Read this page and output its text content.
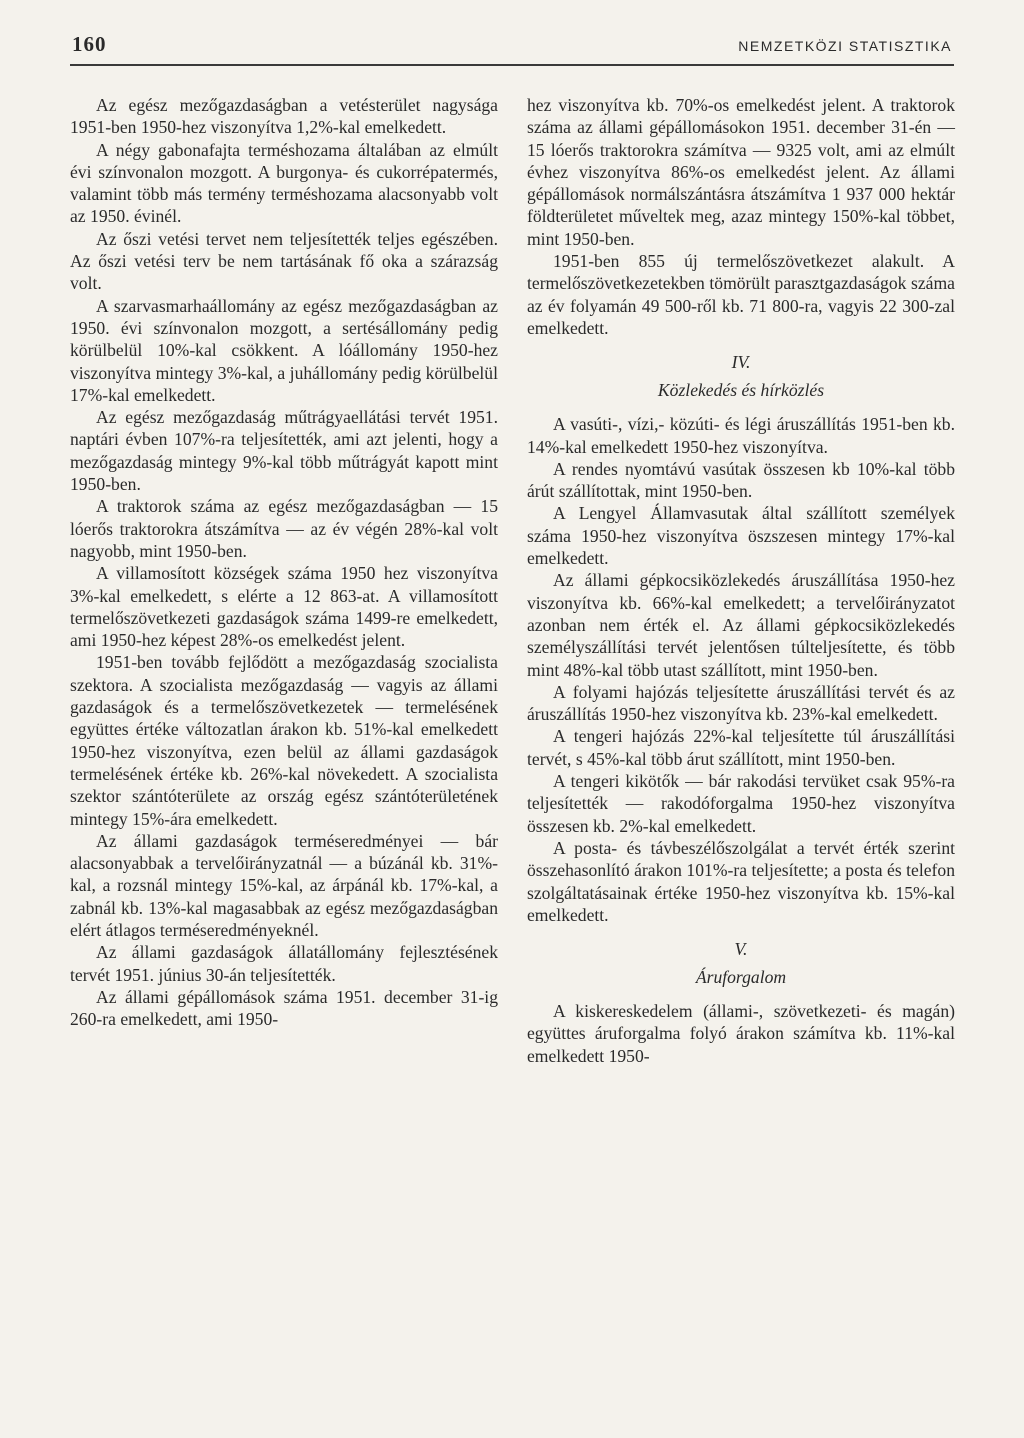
160	NEMZETKÖZI STATISZTIKA

Az egész mezőgazdaságban a vetésterület nagysága 1951-ben 1950-hez viszonyítva 1,2%-kal emelkedett.

A négy gabonafajta terméshozama általában az elmúlt évi színvonalon mozgott. A burgonya- és cukorrépatermés, valamint több más termény terméshozama alacsonyabb volt az 1950. évinél.

Az őszi vetési tervet nem teljesítették teljes egészében. Az őszi vetési terv be nem tartásának fő oka a szárazság volt.

A szarvasmarhaállomány az egész mezőgazdaságban az 1950. évi színvonalon mozgott, a sertésállomány pedig körülbelül 10%-kal csökkent. A lóállomány 1950-hez viszonyítva mintegy 3%-kal, a juhállomány pedig körülbelül 17%-kal emelkedett.

Az egész mezőgazdaság műtrágyaellátási tervét 1951. naptári évben 107%-ra teljesítették, ami azt jelenti, hogy a mezőgazdaság mintegy 9%-kal több műtrágyát kapott mint 1950-ben.

A traktorok száma az egész mezőgazdaságban — 15 lóerős traktorokra átszámítva — az év végén 28%-kal volt nagyobb, mint 1950-ben.

A villamosított községek száma 1950 hez viszonyítva 3%-kal emelkedett, s elérte a 12 863-at. A villamosított termelőszövetkezeti gazdaságok száma 1499-re emelkedett, ami 1950-hez képest 28%-os emelkedést jelent.

1951-ben tovább fejlődött a mezőgazdaság szocialista szektora. A szocialista mezőgazdaság — vagyis az állami gazdaságok és a termelőszövetkezetek — termelésének együttes értéke változatlan árakon kb. 51%-kal emelkedett 1950-hez viszonyítva, ezen belül az állami gazdaságok termelésének értéke kb. 26%-kal növekedett. A szocialista szektor szántóterülete az ország egész szántóterületének mintegy 15%-ára emelkedett.

Az állami gazdaságok terméseredményei — bár alacsonyabbak a tervelőirányzatnál — a búzánál kb. 31%-kal, a rozsnál mintegy 15%-kal, az árpánál kb. 17%-kal, a zabnál kb. 13%-kal magasabbak az egész mezőgazdaságban elért átlagos terméseredményeknél.

Az állami gazdaságok állatállomány fejlesztésének tervét 1951. június 30-án teljesítették.

Az állami gépállomások száma 1951. december 31-ig 260-ra emelkedett, ami 1950-

hez viszonyítva kb. 70%-os emelkedést jelent. A traktorok száma az állami gépállomásokon 1951. december 31-én — 15 lóerős traktorokra számítva — 9325 volt, ami az elmúlt évhez viszonyítva 86%-os emelkedést jelent. Az állami gépállomások normálszántásra átszámítva 1 937 000 hektár földterületet műveltek meg, azaz mintegy 150%-kal többet, mint 1950-ben.

1951-ben 855 új termelőszövetkezet alakult. A termelőszövetkezetekben tömörült parasztgazdaságok száma az év folyamán 49 500-ről kb. 71 800-ra, vagyis 22 300-zal emelkedett.

IV.
Közlekedés és hírközlés

A vasúti-, vízi,- közúti- és légi áruszállítás 1951-ben kb. 14%-kal emelkedett 1950-hez viszonyítva.

A rendes nyomtávú vasútak összesen kb 10%-kal több árút szállítottak, mint 1950-ben.

A Lengyel Államvasutak által szállított személyek száma 1950-hez viszonyítva öszszesen mintegy 17%-kal emelkedett.

Az állami gépkocsiközlekedés áruszállítása 1950-hez viszonyítva kb. 66%-kal emelkedett; a tervelőirányzatot azonban nem érték el. Az állami gépkocsiközlekedés személyszállítási tervét jelentősen túlteljesítette, és több mint 48%-kal több utast szállított, mint 1950-ben.

A folyami hajózás teljesítette áruszállítási tervét és az áruszállítás 1950-hez viszonyítva kb. 23%-kal emelkedett.

A tengeri hajózás 22%-kal teljesítette túl áruszállítási tervét, s 45%-kal több árut szállított, mint 1950-ben.

A tengeri kikötők — bár rakodási tervüket csak 95%-ra teljesítették — rakodóforgalma 1950-hez viszonyítva összesen kb. 2%-kal emelkedett.

A posta- és távbeszélőszolgálat a tervét érték szerint összehasonlító árakon 101%-ra teljesítette; a posta és telefon szolgáltatásainak értéke 1950-hez viszonyítva kb. 15%-kal emelkedett.

V.
Áruforgalom

A kiskereskedelem (állami-, szövetkezeti- és magán) együttes áruforgalma folyó árakon számítva kb. 11%-kal emelkedett 1950-
